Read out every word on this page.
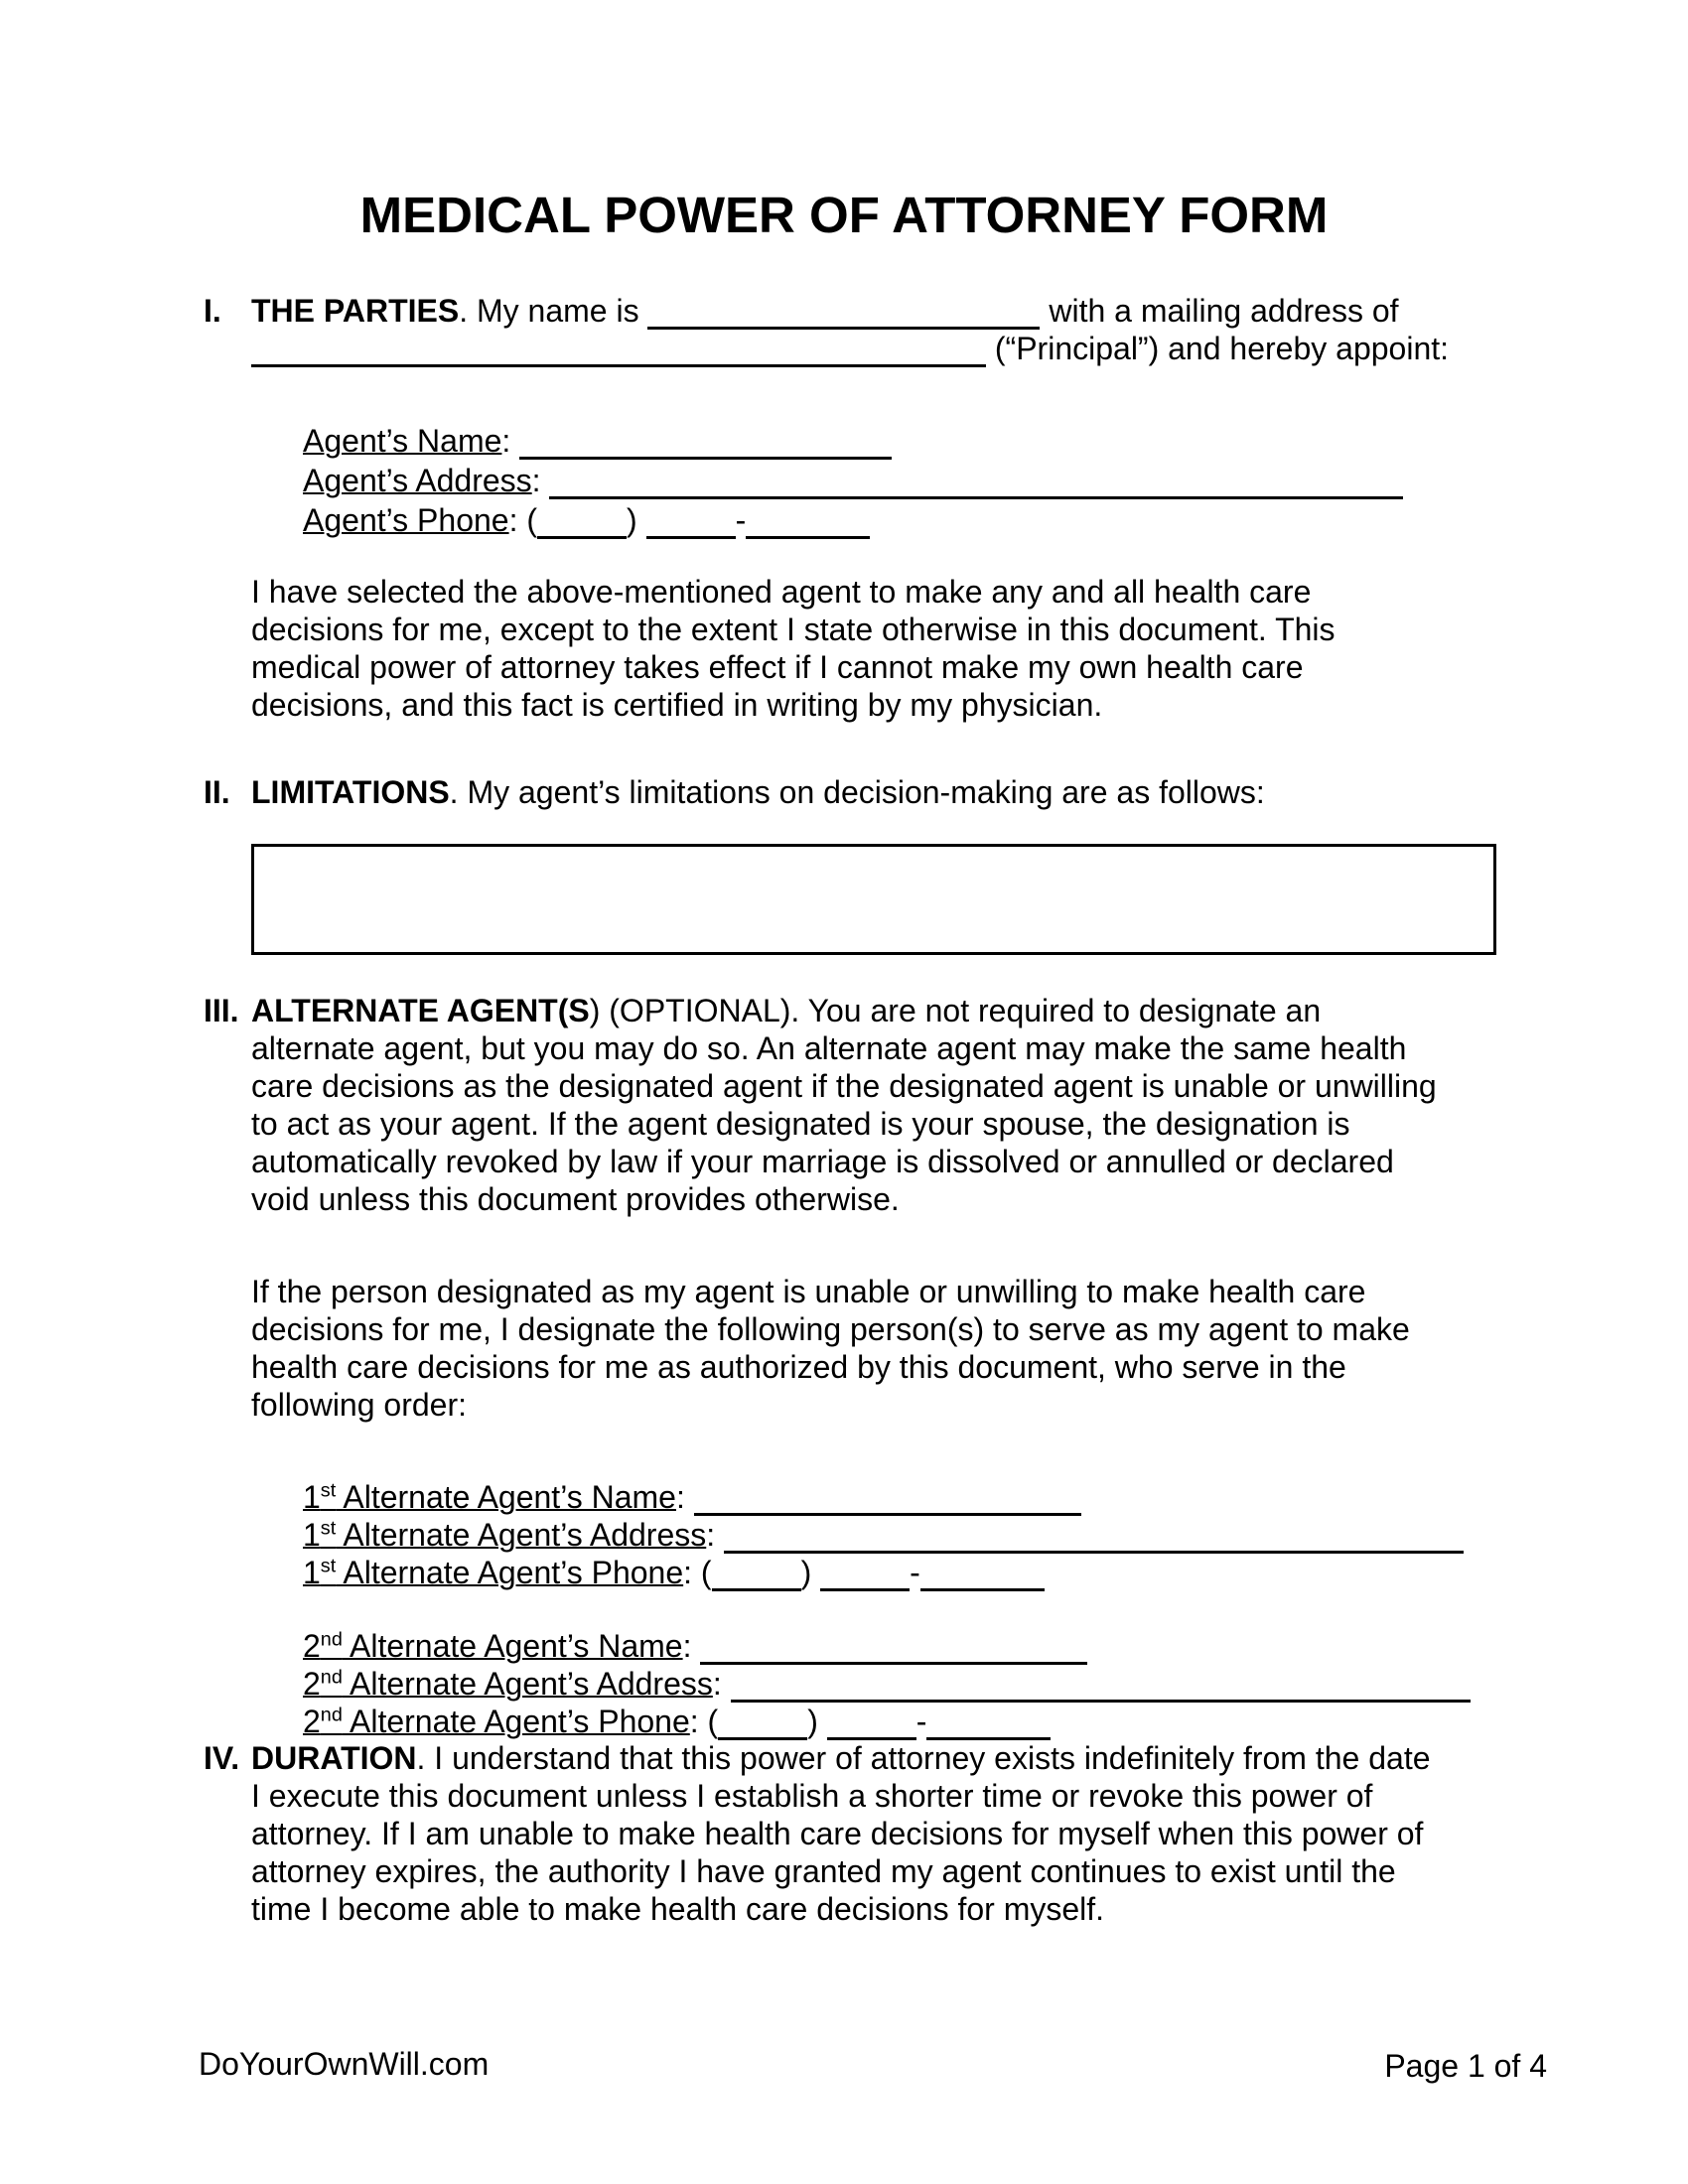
MEDICAL POWER OF ATTORNEY FORM
I. THE PARTIES. My name is	with a mailing address of
(“Principal”) and hereby appoint:
Agent’s Name:
Agent’s Address:
Agent’s Phone: (	)	-
I have selected the above-mentioned agent to make any and all health care
decisions for me, except to the extent I state otherwise in this document. This
medical power of attorney takes effect if I cannot make my own health care
decisions, and this fact is certified in writing by my physician.
II. LIMITATIONS. My agent’s limitations on decision-making are as follows:
III. ALTERNATE AGENT(S) (OPTIONAL). You are not required to designate an
alternate agent, but you may do so. An alternate agent may make the same health
care decisions as the designated agent if the designated agent is unable or unwilling
to act as your agent. If the agent designated is your spouse, the designation is
automatically revoked by law if your marriage is dissolved or annulled or declared
void unless this document provides otherwise.
If the person designated as my agent is unable or unwilling to make health care
decisions for me, I designate the following person(s) to serve as my agent to make
health care decisions for me as authorized by this document, who serve in the
following order:
1st Alternate Agent’s Name:
1st Alternate Agent’s Address:
1st Alternate Agent’s Phone: (	)	-
2nd Alternate Agent’s Name:
2nd Alternate Agent’s Address:
2nd Alternate Agent’s Phone: (	)	-
IV. DURATION. I understand that this power of attorney exists indefinitely from the date
I execute this document unless I establish a shorter time or revoke this power of
attorney. If I am unable to make health care decisions for myself when this power of
attorney expires, the authority I have granted my agent continues to exist until the
time I become able to make health care decisions for myself.
DoYourOwnWill.com	Page 1 of 4
